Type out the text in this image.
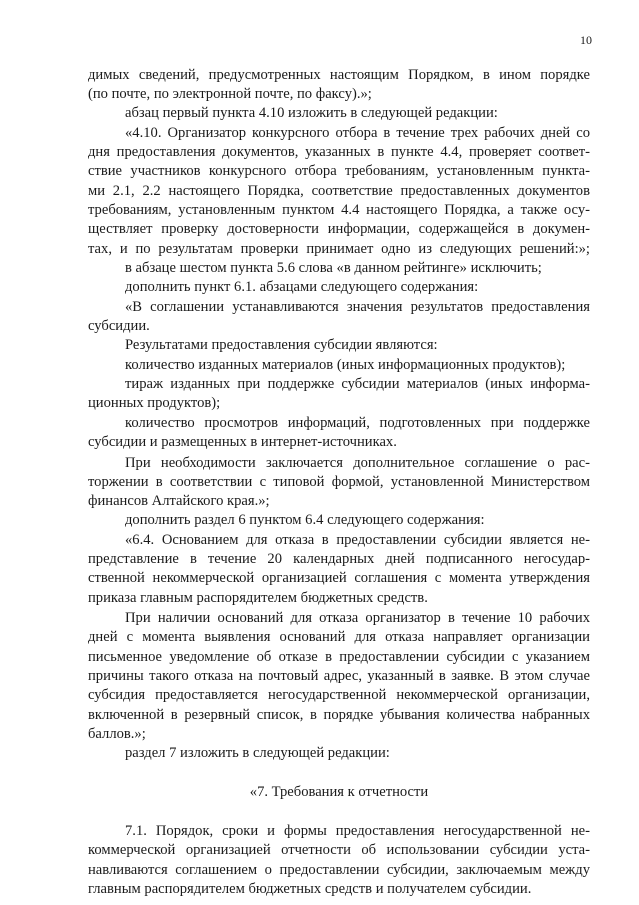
10
димых сведений, предусмотренных настоящим Порядком, в ином порядке
(по почте, по электронной почте, по факсу).»;
абзац первый пункта 4.10 изложить в следующей редакции:
«4.10. Организатор конкурсного отбора в течение трех рабочих дней со
дня предоставления документов, указанных в пункте 4.4, проверяет соответ-
ствие участников конкурсного отбора требованиям, установленным пункта-
ми 2.1, 2.2 настоящего Порядка, соответствие предоставленных документов
требованиям, установленным пунктом 4.4 настоящего Порядка, а также осу-
ществляет проверку достоверности информации, содержащейся в докумен-
тах, и по результатам проверки принимает одно из следующих решений:»;
в абзаце шестом пункта 5.6 слова «в данном рейтинге» исключить;
дополнить пункт 6.1. абзацами следующего содержания:
«В соглашении устанавливаются значения результатов предоставления
субсидии.
Результатами предоставления субсидии являются:
количество изданных материалов (иных информационных продуктов);
тираж изданных при поддержке субсидии материалов (иных информа-
ционных продуктов);
количество просмотров информаций, подготовленных при поддержке
субсидии и размещенных в интернет-источниках.
При необходимости заключается дополнительное соглашение о рас-
торжении в соответствии с типовой формой, установленной Министерством
финансов Алтайского края.»;
дополнить раздел 6 пунктом 6.4 следующего содержания:
«6.4. Основанием для отказа в предоставлении субсидии является не-
представление в течение 20 календарных дней подписанного негосудар-
ственной некоммерческой организацией соглашения с момента утверждения
приказа главным распорядителем бюджетных средств.
При наличии оснований для отказа организатор в течение 10 рабочих
дней с момента выявления оснований для отказа направляет организации
письменное уведомление об отказе в предоставлении субсидии с указанием
причины такого отказа на почтовый адрес, указанный в заявке. В этом случае
субсидия предоставляется негосударственной некоммерческой организации,
включенной в резервный список, в порядке убывания количества набранных
баллов.»;
раздел 7 изложить в следующей редакции:
«7. Требования к отчетности
7.1. Порядок, сроки и формы предоставления негосударственной не-
коммерческой организацией отчетности об использовании субсидии уста-
навливаются соглашением о предоставлении субсидии, заключаемым между
главным распорядителем бюджетных средств и получателем субсидии.
